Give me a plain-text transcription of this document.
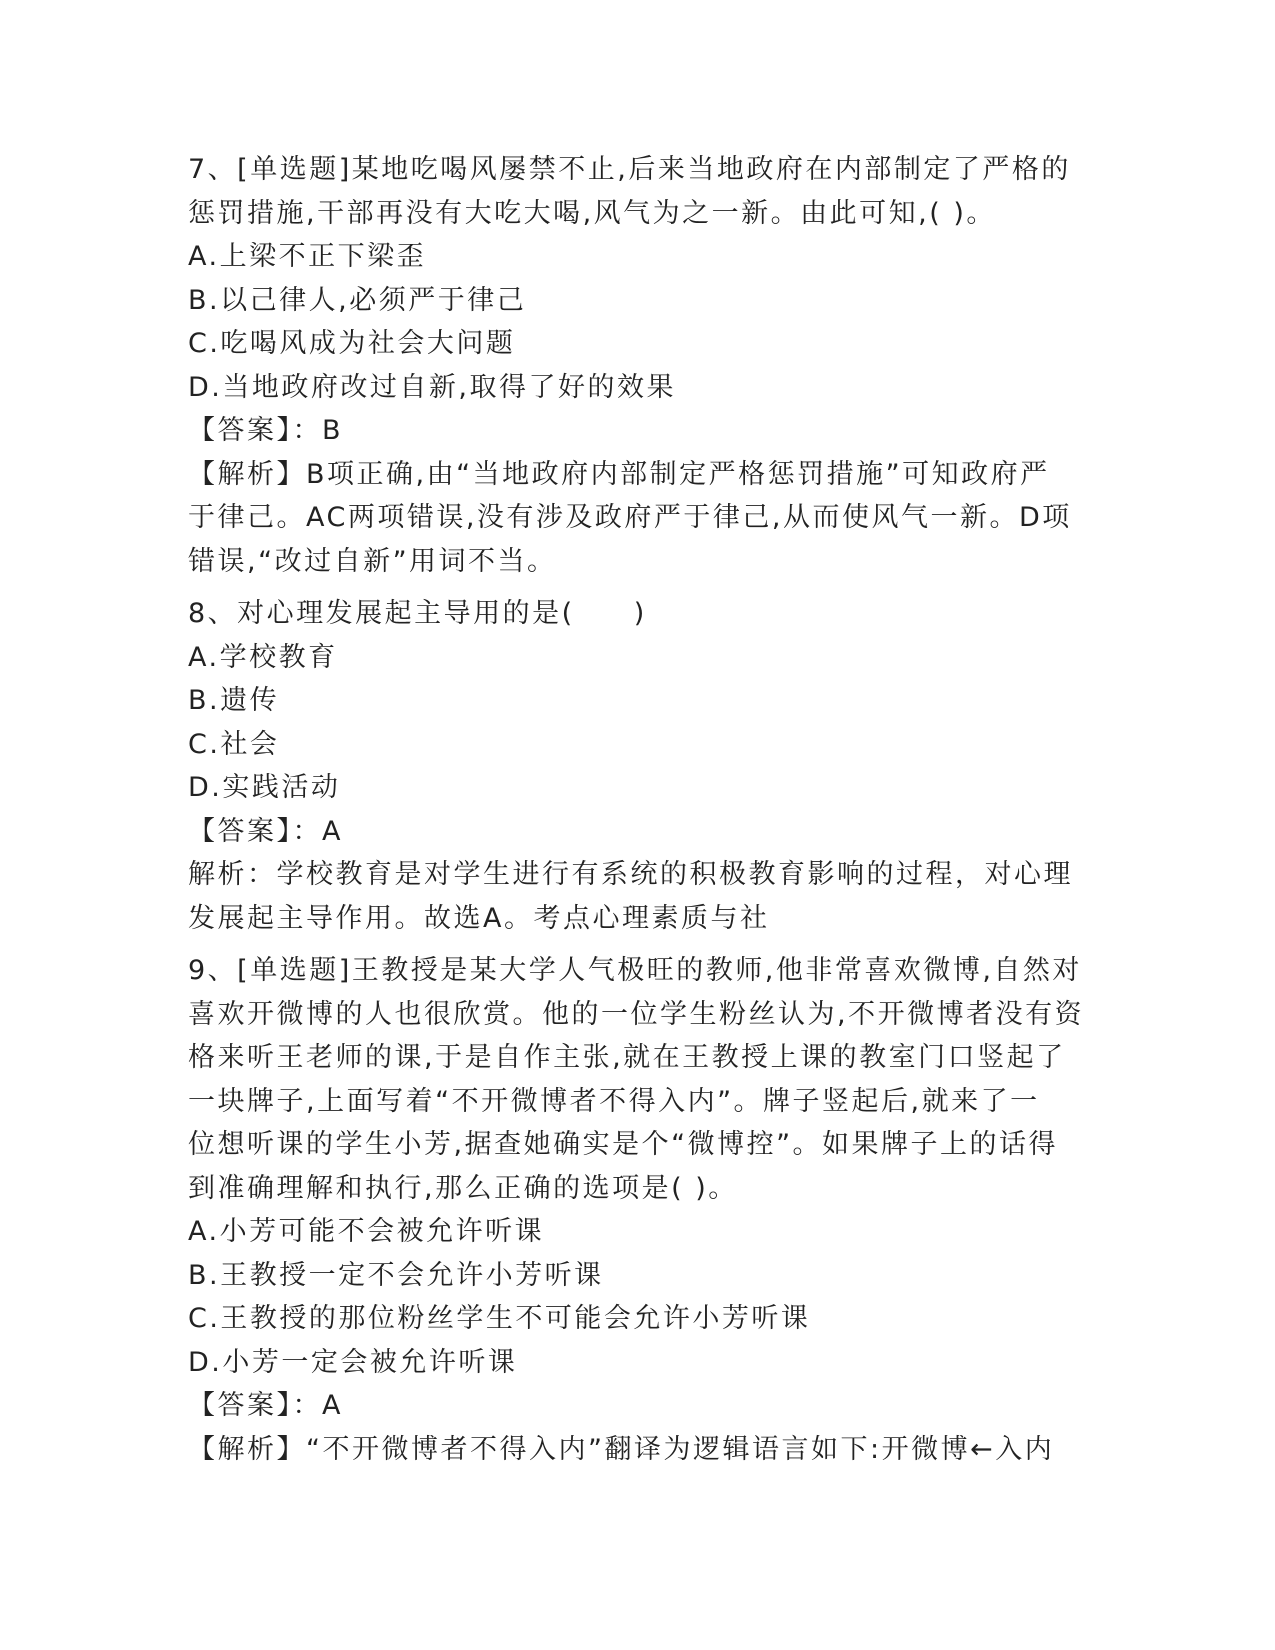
7、[单选题]某地吃喝风屡禁不止,后来当地政府在内部制定了严格的
惩罚措施,干部再没有大吃大喝,风气为之一新。由此可知,( )。
A.上梁不正下梁歪
B.以己律人,必须严于律己
C.吃喝风成为社会大问题
D.当地政府改过自新,取得了好的效果
【答案】：B
【解析】B项正确,由“当地政府内部制定严格惩罚措施”可知政府严
于律己。AC两项错误,没有涉及政府严于律己,从而使风气一新。D项
错误,“改过自新”用词不当。
8、对心理发展起主导用的是(　　)
A.学校教育
B.遗传
C.社会
D.实践活动
【答案】：A
解析：学校教育是对学生进行有系统的积极教育影响的过程，对心理
发展起主导作用。故选A。考点心理素质与社
9、[单选题]王教授是某大学人气极旺的教师,他非常喜欢微博,自然对
喜欢开微博的人也很欣赏。他的一位学生粉丝认为,不开微博者没有资
格来听王老师的课,于是自作主张,就在王教授上课的教室门口竖起了
一块牌子,上面写着“不开微博者不得入内”。牌子竖起后,就来了一
位想听课的学生小芳,据查她确实是个“微博控”。如果牌子上的话得
到准确理解和执行,那么正确的选项是( )。
A.小芳可能不会被允许听课
B.王教授一定不会允许小芳听课
C.王教授的那位粉丝学生不可能会允许小芳听课
D.小芳一定会被允许听课
【答案】：A
【解析】“不开微博者不得入内”翻译为逻辑语言如下:开微博←入内
